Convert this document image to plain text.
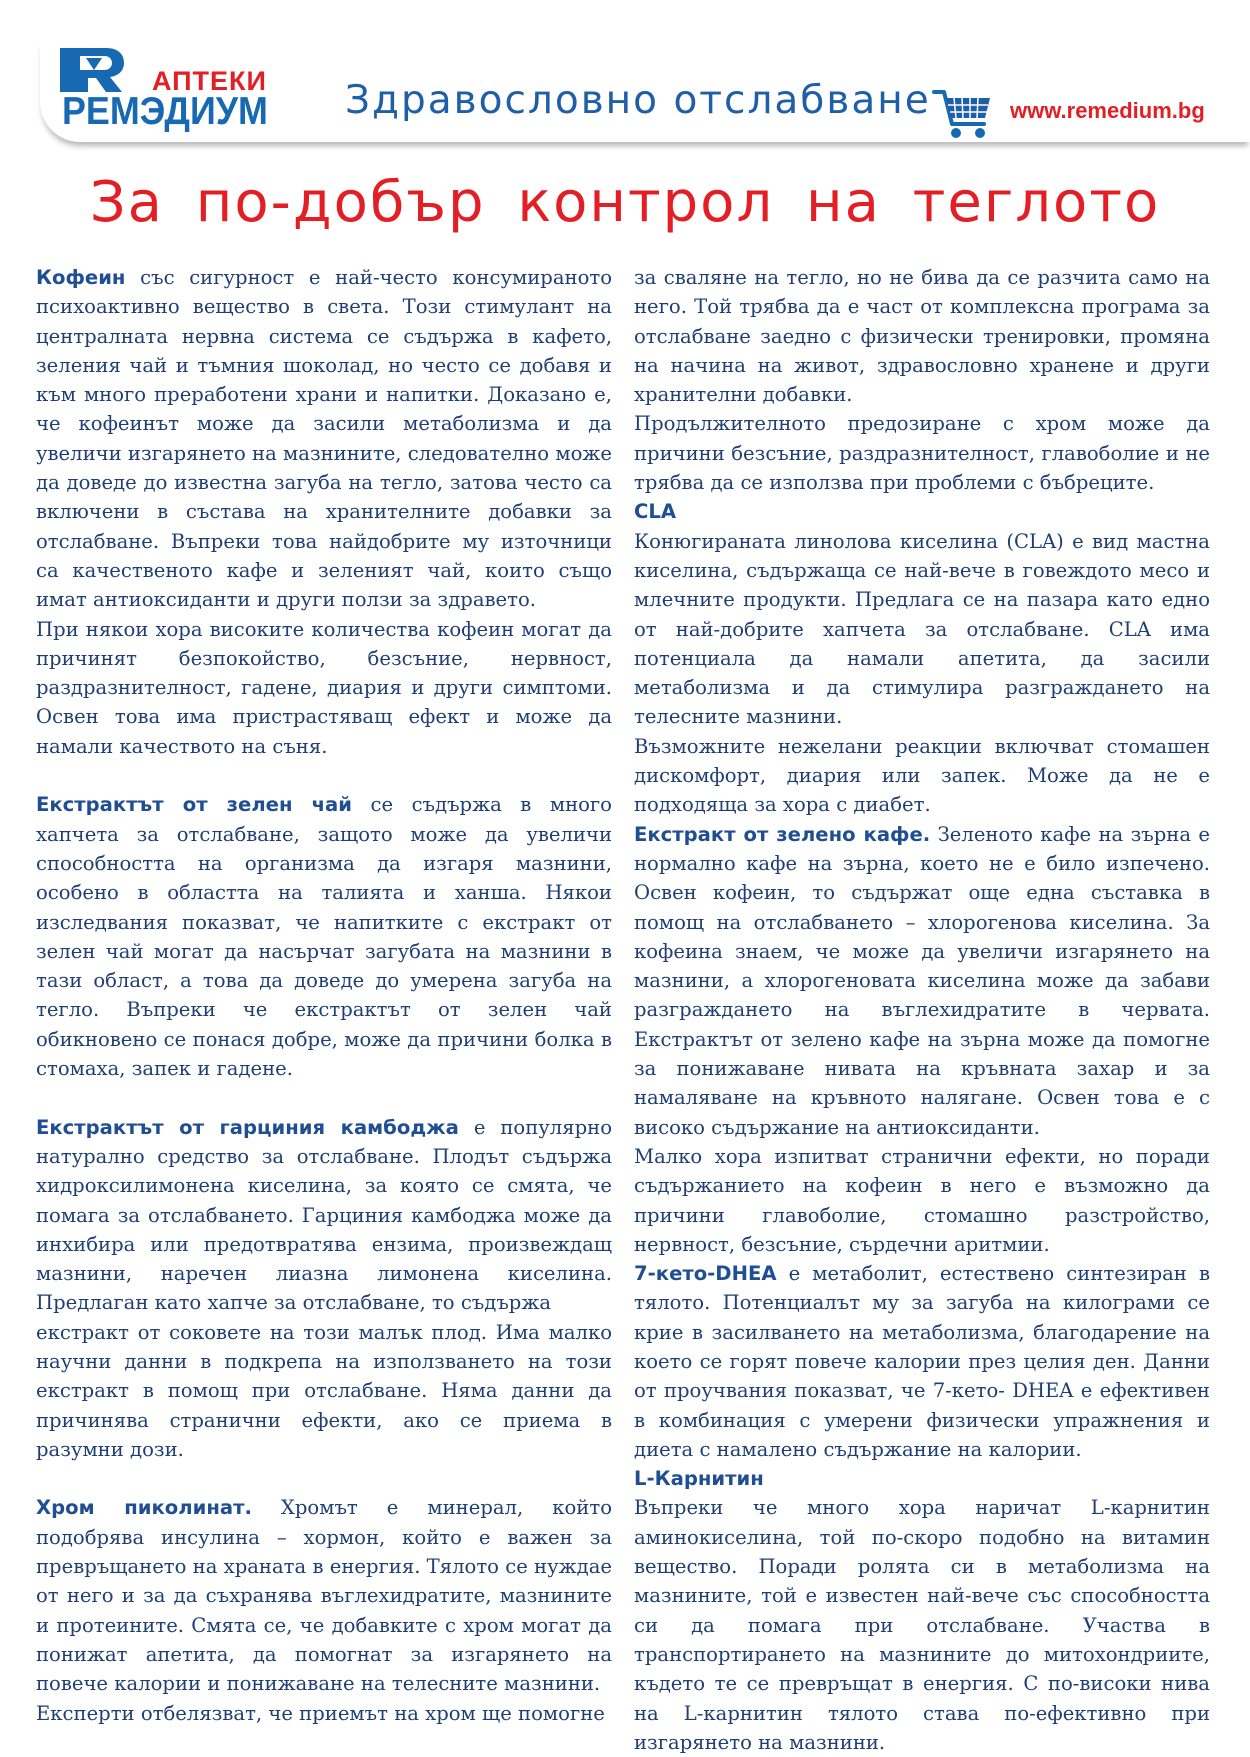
АПТЕКИ
РЕМЭДИУМ Здравословно отслабване	www.remedium.bg
За по-добър контрол на теглото

Кофеин със сигурност е най-често консумираното психоактивно вещество в света. Този стимулант на централната нервна система се съдържа в кафето, зеления чай и тъмния шоколад, но често се добавя и към много преработени храни и напитки. Доказано е, че кофеинът може да засили метаболизма и да увеличи изгарянето на мазнините, следователно може да доведе до известна загуба на тегло, затова често са включени в състава на хранителните добавки за отслабване. Въпреки това найдобрите му източници са качественото кафе и зеленият чай, които също имат антиоксиданти и други ползи за здравето.

При някои хора високите количества кофеин могат да причинят безпокойство, безсъние, нервност, раздразнителност, гадене, диария и други симптоми. Освен това има пристрастяващ ефект и може да намали качеството на съня.

Екстрактът от зелен чай се съдържа в много хапчета за отслабване, защото може да увеличи способността на организма да изгаря мазнини, особено в областта на талията и ханша. Някои изследвания показват, че напитките с екстракт от зелен чай могат да насърчат загубата на мазнини в тази област, а това да доведе до умерена загуба на тегло. Въпреки че екстрактът от зелен чай обикновено се понася добре, може да причини болка в стомаха, запек и гадене.

Екстрактът от гарциния камбоджа е популярно натурално средство за отслабване. Плодът съдържа хидроксилимонена киселина, за която се смята, че помага за отслабването. Гарциния камбоджа може да инхибира или предотвратява ензима, произвеждащ мазнини, наречен лиазна лимонена киселина. Предлаган като хапче за отслабване, то съдържа

екстракт от соковете на този малък плод. Има малко научни данни в подкрепа на използването на този екстракт в помощ при отслабване. Няма данни да причинява странични ефекти, ако се приема в разумни дози.

Хром пиколинат. Хромът е минерал, който подобрява инсулина – хормон, който е важен за превръщането на храната в енергия. Тялото се нуждае от него и за да съхранява въглехидратите, мазнините и протеините. Смята се, че добавките с хром могат да понижат апетита, да помогнат за изгарянето на повече калории и понижаване на телесните мазнини.

Експерти отбелязват, че приемът на хром ще помогне

за сваляне на тегло, но не бива да се разчита само на него. Той трябва да е част от комплексна програма за отслабване заедно с физически тренировки, промяна на начина на живот, здравословно хранене и други хранителни добавки.

Продължителното предозиране с хром може да причини безсъние, раздразнителност, главоболие и не трябва да се използва при проблеми с бъбреците.

CLA

Конюгираната линолова киселина (CLA) е вид мастна киселина, съдържаща се най-вече в говеждото месо и млечните продукти. Предлага се на пазара като едно от най-добрите хапчета за отслабване. CLA има потенциала да намали апетита, да засили метаболизма и да стимулира разграждането на телесните мазнини.

Възможните нежелани реакции включват стомашен дискомфорт, диария или запек. Може да не е подходяща за хора с диабет.

Екстракт от зелено кафе. Зеленото кафе на зърна е нормално кафе на зърна, което не е било изпечено. Освен кофеин, то съдържат още една съставка в помощ на отслабването – хлорогенова киселина. За кофеина знаем, че може да увеличи изгарянето на мазнини, а хлорогеновата киселина може да забави разграждането на въглехидратите в червата. Екстрактът от зелено кафе на зърна може да помогне за понижаване нивата на кръвната захар и за намаляване на кръвното налягане. Освен това е с високо съдържание на антиоксиданти.

Малко хора изпитват странични ефекти, но поради съдържанието на кофеин в него е възможно да причини главоболие, стомашно разстройство, нервност, безсъние, сърдечни аритмии.

7-кето-DHEA е метаболит, естествено синтезиран в тялото. Потенциалът му за загуба на килограми се крие в засилването на метаболизма, благодарение на което се горят повече калории през целия ден. Данни от проучвания показват, че 7-кето- DHEA е ефективен в комбинация с умерени физически упражнения и диета с намалено съдържание на калории.

L-Карнитин

Въпреки че много хора наричат L-карнитин аминокиселина, той по-скоро подобно на витамин вещество. Поради ролята си в метаболизма на мазнините, той е известен най-вече със способността си да помага при отслабване. Участва в транспортирането на мазнините до митохондриите, където те се превръщат в енергия. С по-високи нива на L-карнитин тялото става по-ефективно при изгарянето на мазнини.
